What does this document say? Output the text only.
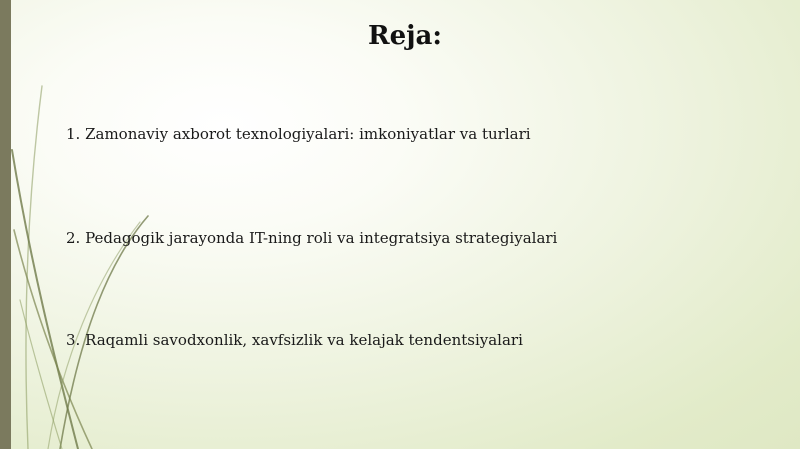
Reja:
1. Zamonaviy axborot texnologiyalari: imkoniyatlar va turlari
2. Pedagogik jarayonda IT-ning roli va integratsiya strategiyalari
3. Raqamli savodxonlik, xavfsizlik va kelajak tendentsiyalari
